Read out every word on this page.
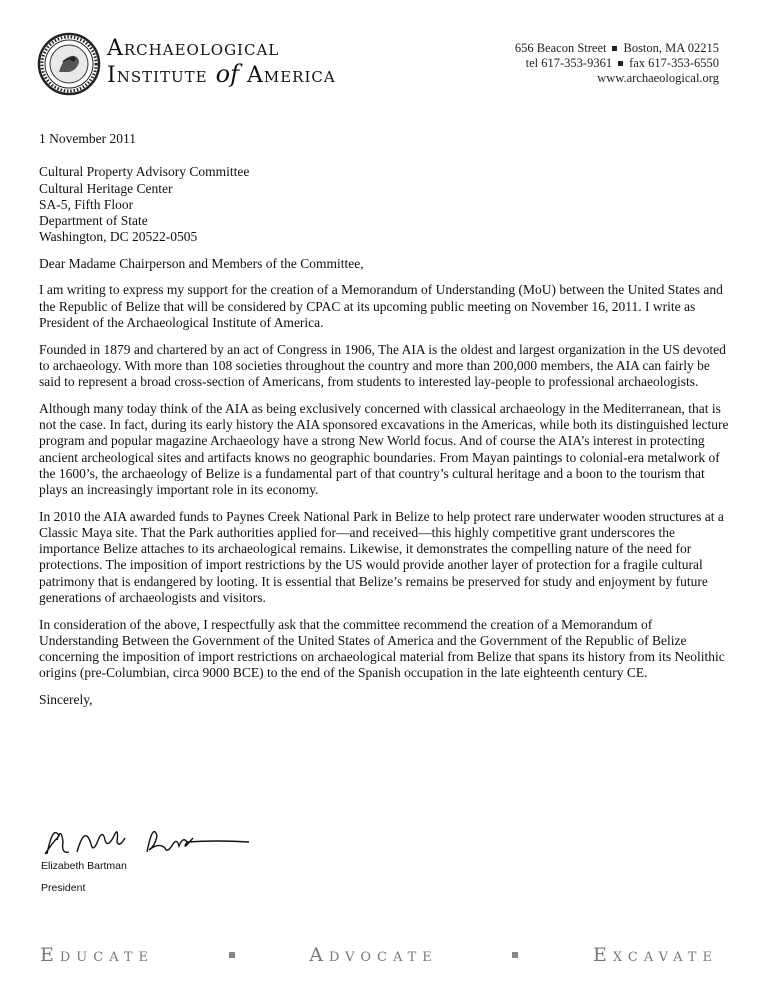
Archaeological
Institute of America
656 Beacon Street Boston, MA 02215
tel 617-353-9361 fax 617-353-6550
www.archaeological.org

1 November 2011

Cultural Property Advisory Committee
Cultural Heritage Center
SA-5, Fifth Floor
Department of State
Washington, DC 20522-0505

Dear Madame Chairperson and Members of the Committee,

I am writing to express my support for the creation of a Memorandum of Understanding (MoU) between the United States and the Republic of Belize that will be considered by CPAC at its upcoming public meeting on November 16, 2011. I write as President of the Archaeological Institute of America.

Founded in 1879 and chartered by an act of Congress in 1906, The AIA is the oldest and largest organization in the US devoted to archaeology. With more than 108 societies throughout the country and more than 200,000 members, the AIA can fairly be said to represent a broad cross-section of Americans, from students to interested lay-people to professional archaeologists.

Although many today think of the AIA as being exclusively concerned with classical archaeology in the Mediterranean, that is not the case. In fact, during its early history the AIA sponsored excavations in the Americas, while both its distinguished lecture program and popular magazine Archaeology have a strong New World focus. And of course the AIA’s interest in protecting ancient archeological sites and artifacts knows no geographic boundaries. From Mayan paintings to colonial-era metalwork of the 1600’s, the archaeology of Belize is a fundamental part of that country’s cultural heritage and a boon to the tourism that plays an increasingly important role in its economy.

In 2010 the AIA awarded funds to Paynes Creek National Park in Belize to help protect rare underwater wooden structures at a Classic Maya site. That the Park authorities applied for—and received—this highly competitive grant underscores the importance Belize attaches to its archaeological remains. Likewise, it demonstrates the compelling nature of the need for protections. The imposition of import restrictions by the US would provide another layer of protection for a fragile cultural patrimony that is endangered by looting. It is essential that Belize’s remains be preserved for study and enjoyment by future generations of archaeologists and visitors.

In consideration of the above, I respectfully ask that the committee recommend the creation of a Memorandum of Understanding Between the Government of the United States of America and the Government of the Republic of Belize concerning the imposition of import restrictions on archaeological material from Belize that spans its history from its Neolithic origins (pre-Columbian, circa 9000 BCE) to the end of the Spanish occupation in the late eighteenth century CE.

Sincerely,

Elizabeth Bartman
President
Educate	Advocate	Excavate
